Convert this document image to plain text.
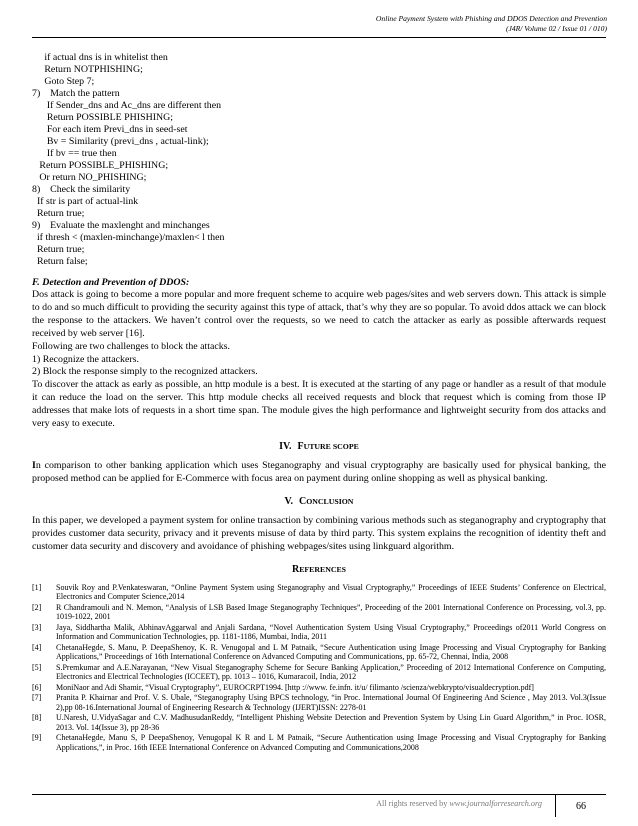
Online Payment System with Phishing and DDOS Detection and Prevention
(J4R/ Volume 02 / Issue 01 / 010)
if actual dns is in whitelist then
Return NOTPHISHING;
Goto Step 7;
7)    Match the pattern
If Sender_dns and Ac_dns are different then
Return POSSIBLE PHISHING;
For each item Previ_dns in seed-set
Bv = Similarity (previ_dns , actual-link);
If bv == true then
Return POSSIBLE_PHISHING;
Or return NO_PHISHING;
8)    Check the similarity
If str is part of actual-link
Return true;
9)    Evaluate the maxlenght and minchanges
if thresh < (maxlen-minchange)/maxlen< l then
Return true;
Return false;
F. Detection and Prevention of DDOS:
Dos attack is going to become a more popular and more frequent scheme to acquire web pages/sites and web servers down. This attack is simple to do and so much difficult to providing the security against this type of attack, that’s why they are so popular. To avoid ddos attack we can block the response to the attackers. We haven’t control over the requests, so we need to catch the attacker as early as possible afterwards request received by web server [16].
Following are two challenges to block the attacks.
1) Recognize the attackers.
2) Block the response simply to the recognized attackers.
To discover the attack as early as possible, an http module is a best. It is executed at the starting of any page or handler as a result of that module it can reduce the load on the server. This http module checks all received requests and block that request which is coming from those IP addresses that make lots of requests in a short time span. The module gives the high performance and lightweight security from dos attacks and very easy to execute.
IV. FUTURE SCOPE
In comparison to other banking application which uses Steganography and visual cryptography are basically used for physical banking, the proposed method can be applied for E-Commerce with focus area on payment during online shopping as well as physical banking.
V. CONCLUSION
In this paper, we developed a payment system for online transaction by combining various methods such as steganography and cryptography that provides customer data security, privacy and it prevents misuse of data by third party. This system explains the recognition of identity theft and customer data security and discovery and avoidance of phishing webpages/sites using linkguard algorithm.
REFERENCES
[1]	Souvik Roy and P.Venkateswaran, “Online Payment System using Steganography and Visual Cryptography,” Proceedings of IEEE Students’ Conference on Electrical, Electronics and Computer Science,2014
[2]	R Chandramouli and N. Memon, “Analysis of LSB Based Image Steganography Techniques”, Proceeding of the 2001 International Conference on Processing, vol.3, pp. 1019-1022, 2001
[3]	Jaya, Siddhartha Malik, AbhinavAggarwal and Anjali Sardana, “Novel Authentication System Using Visual Cryptography,” Proceedings of2011 World Congress on Information and Communication Technologies, pp. 1181-1186, Mumbai, India, 2011
[4]	ChetanaHegde, S. Manu, P. DeepaShenoy, K. R. Venugopal and L M Patnaik, “Secure Authentication using Image Processing and Visual Cryptography for Banking Applications,” Proceedings of 16th International Conference on Advanced Computing and Communications, pp. 65-72, Chennai, India, 2008
[5]	S.Premkumar and A.E.Narayanan, “New Visual Steganography Scheme for Secure Banking Application,” Proceeding of 2012 International Conference on Computing, Electronics and Electrical Technologies (ICCEET), pp. 1013 – 1016, Kumaracoil, India, 2012
[6]	MoniNaor and Adi Shamir, “Visual Cryptography”, EUROCRPT1994. [http ://www. fe.infn. it/u/ filimanto /scienza/webkrypto/visualdecryption.pdf]
[7]	Pranita P. Khairnar and Prof. V. S. Ubale, “Steganography Using BPCS technology, “in Proc. International Journal Of Engineering And Science , May 2013. Vol.3(Issue 2),pp 08-16.International Journal of Engineering Research & Technology (IJERT)ISSN: 2278-01
[8]	U.Naresh, U.VidyaSagar and C.V. MadhusudanReddy, “Intelligent Phishing Website Detection and Prevention System by Using Lin Guard Algorithm,” in Proc. IOSR, 2013. Vol. 14(Issue 3), pp 28-36
[9]	ChetanaHegde, Manu S, P DeepaShenoy, Venugopal K R and L M Patnaik, “Secure Authentication using Image Processing and Visual Cryptography for Banking Applications,”, in Proc. 16th IEEE International Conference on Advanced Computing and Communications,2008
All rights reserved by www.journalforresearch.org	66
